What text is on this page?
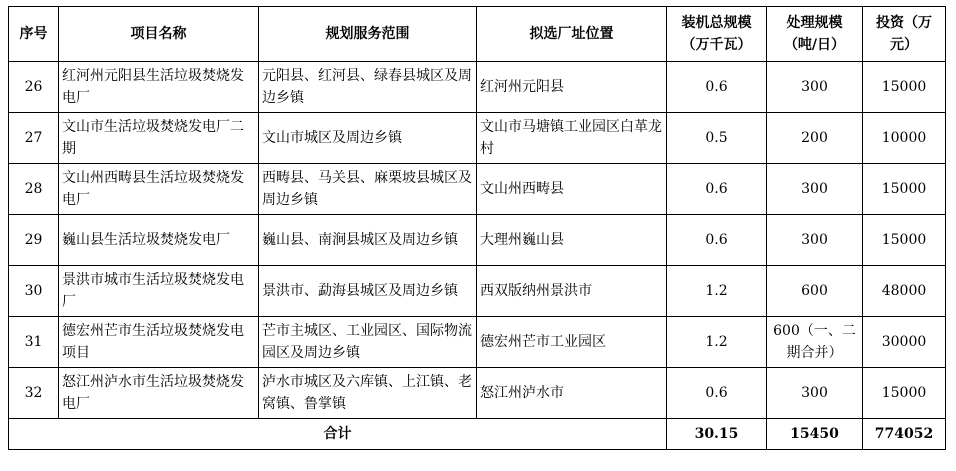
序号	项目名称	规划服务范围	拟选厂址位置	装机总规模（万千瓦）	处理规模（吨/日）	投资（万元）
26	红河州元阳县生活垃圾焚烧发电厂	元阳县、红河县、绿春县城区及周边乡镇	红河州元阳县	0.6	300	15000
27	文山市生活垃圾焚烧发电厂二期	文山市城区及周边乡镇	文山市马塘镇工业园区白革龙村	0.5	200	10000
28	文山州西畴县生活垃圾焚烧发电厂	西畴县、马关县、麻栗坡县城区及周边乡镇	文山州西畴县	0.6	300	15000
29	巍山县生活垃圾焚烧发电厂	巍山县、南涧县城区及周边乡镇	大理州巍山县	0.6	300	15000
30	景洪市城市生活垃圾焚烧发电厂	景洪市、勐海县城区及周边乡镇	西双版纳州景洪市	1.2	600	48000
31	德宏州芒市生活垃圾焚烧发电项目	芒市主城区、工业园区、国际物流园区及周边乡镇	德宏州芒市工业园区	1.2	600（一、二期合并）	30000
32	怒江州泸水市生活垃圾焚烧发电厂	泸水市城区及六库镇、上江镇、老窝镇、鲁掌镇	怒江州泸水市	0.6	300	15000
合计				30.15	15450	774052
